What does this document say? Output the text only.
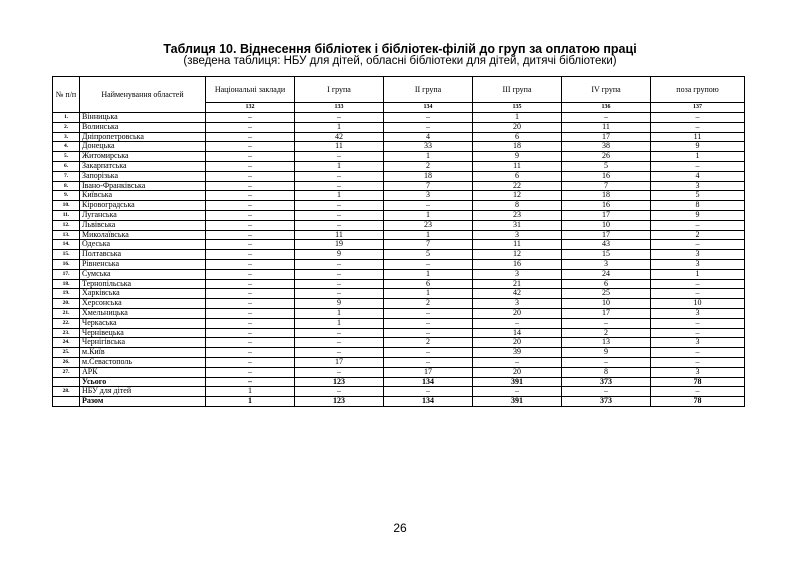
Таблиця 10. Віднесення бібліотек і бібліотек-філій до груп за оплатою праці
(зведена таблиця: НБУ для дітей, обласні бібліотеки для дітей, дитячі бібліотеки)
№ п/п	Найменування областей	Національні заклади	І група	ІІ група	ІІІ група	IV група	поза групою
		132	133	134	135	136	137
1.	Вінницька	–	–	–	1	–	–
2.	Волинська	–	1	–	20	11	–
3.	Дніпропетровська	–	42	4	6	17	11
4.	Донецька	–	11	33	18	38	9
5.	Житомирська	–	–	1	9	26	1
6.	Закарпатська	–	1	2	11	5	–
7.	Запорізька	–	–	18	6	16	4
8.	Івано-Франківська	–	–	7	22	7	3
9.	Київська	–	1	3	12	18	5
10.	Кіровоградська	–	–	–	8	16	8
11.	Луганська	–	–	1	23	17	9
12.	Львівська	–	–	23	31	10	–
13.	Миколаївська	–	11	1	3	17	2
14.	Одеська	–	19	7	11	43	–
15.	Полтавська	–	9	5	12	15	3
16.	Рівненська	–	–	–	16	3	3
17.	Сумська	–	–	1	3	24	1
18.	Тернопільська	–	–	6	21	6	–
19.	Харківська	–	–	1	42	25	–
20.	Херсонська	–	9	2	3	10	10
21.	Хмельницька	–	1	–	20	17	3
22.	Черкаська	–	1	–	–	–	–
23.	Чернівецька	–	–	–	14	2	–
24.	Чернігівська	–	–	2	20	13	3
25.	м.Київ	–	–	–	39	9	–
26.	м.Севастополь	–	17	–	–	–	–
27.	АРК	–	–	17	20	8	3
	Усього	–	123	134	391	373	78
28.	НБУ для дітей	1	–	–	–	–	–
	Разом	1	123	134	391	373	78
26
